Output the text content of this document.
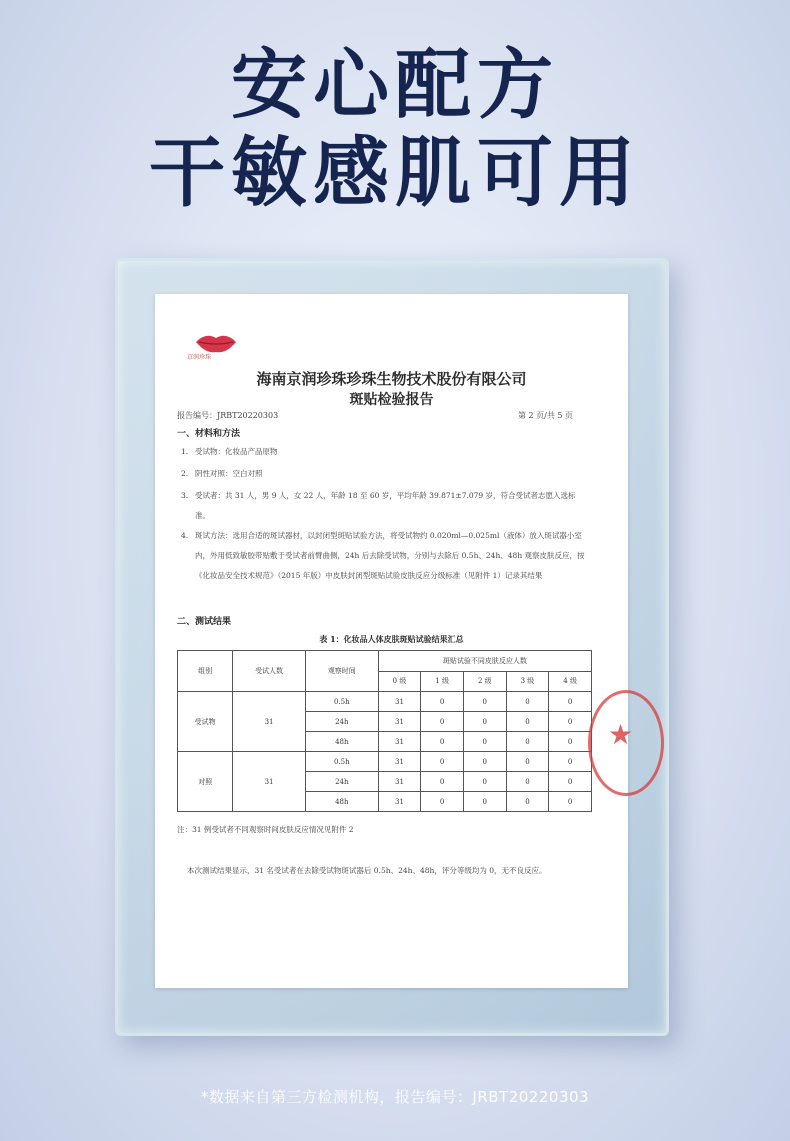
安心配方
干敏感肌可用
京润珍珠
海南京润珍珠珍珠生物技术股份有限公司
斑贴检验报告
报告编号：JRBT20220303	第 2 页/共 5 页
一、材料和方法
1. 受试物：化妆品产品原物
2. 阴性对照：空白对照
3. 受试者：共 31 人，男 9 人，女 22 人，年龄 18 至 60 岁，平均年龄 39.871±7.079 岁，符合受试者志愿入选标准。
4. 斑试方法：选用合适的斑试器材，以封闭型斑贴试验方法，将受试物约 0.020ml—0.025ml（液体）放入斑试器小室内，外用低致敏胶带贴敷于受试者前臂曲侧，24h 后去除受试物，分别与去除后 0.5h、24h、48h 观察皮肤反应，按《化妆品安全技术规范》（2015 年版）中皮肤封闭型斑贴试验皮肤反应分级标准（见附件 1）记录其结果
二、测试结果
表 1：化妆品人体皮肤斑贴试验结果汇总
组别	受试人数	观察时间	斑贴试验不同皮肤反应人数				
			0 级	1 级	2 级	3 级	4 级
受试物	31	0.5h	31	0	0	0	0
		24h	31	0	0	0	0
		48h	31	0	0	0	0
对照	31	0.5h	31	0	0	0	0
		24h	31	0	0	0	0
		48h	31	0	0	0	0
注：31 例受试者不同观察时间皮肤反应情况见附件 2
本次测试结果显示，31 名受试者在去除受试物斑试器后 0.5h、24h、48h，评分等级均为 0，无不良反应。
★
*数据来自第三方检测机构，报告编号：JRBT20220303
